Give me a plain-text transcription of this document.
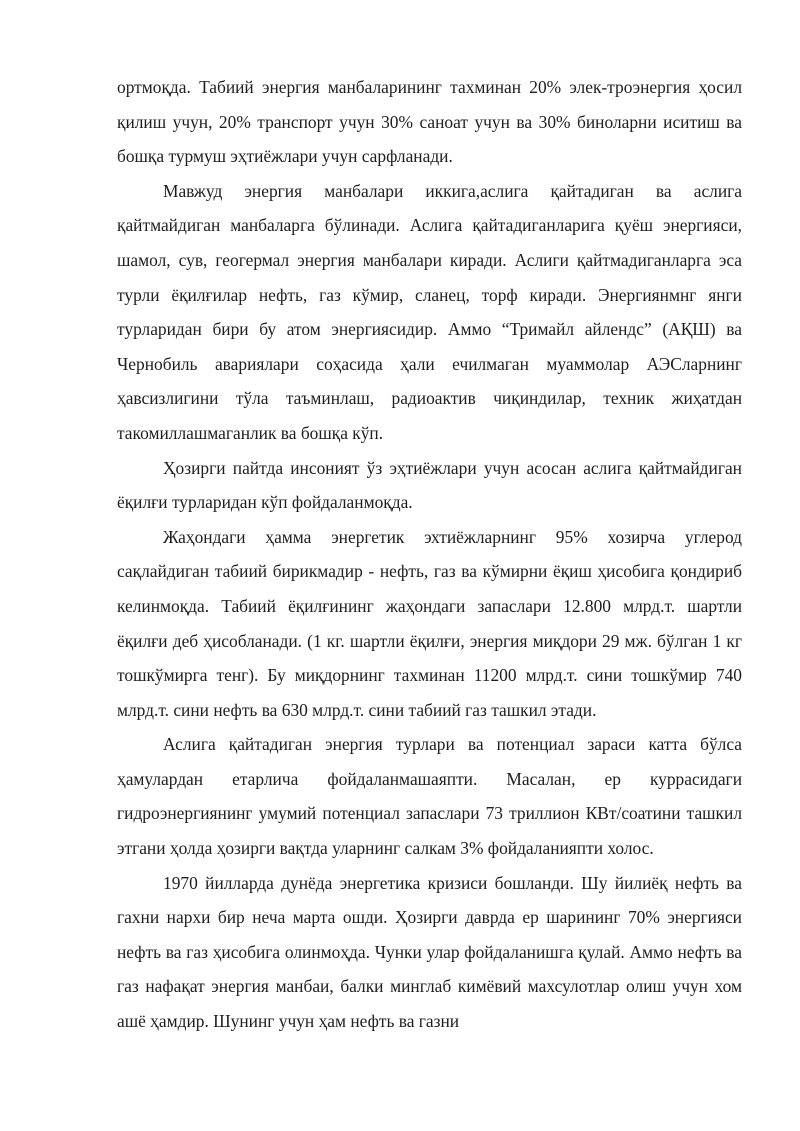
ортмоқда. Табиий энергия манбаларининг тахминан 20% элек-троэнергия ҳосил қилиш учун, 20% транспорт учун 30% саноат учун ва 30% биноларни иситиш ва бошқа турмуш эҳтиёжлари учун сарфланади.

Мавжуд энергия манбалари иккига,аслига қайтадиган ва аслига қайтмайдиган манбаларга бўлинади. Аслига қайтадиганларига қуёш энергияси, шамол, сув, геогермал энергия манбалари киради. Аслиги қайтмадиганларга эса турли ёқилғилар нефть, газ кўмир, сланец, торф киради. Энергиянмнг янги турларидан бири бу атом энергиясидир. Аммо “Тримайл айлендс” (АҚШ) ва Чернобиль авариялари соҳасида ҳали ечилмаган муаммолар АЭСларнинг ҳавсизлигини тўла таъминлаш, радиоактив чиқиндилар, техник жиҳатдан такомиллашмаганлик ва бошқа кўп.

Ҳозирги пайтда инсоният ўз эҳтиёжлари учун асосан аслига қайтмайдиган ёқилғи турларидан кўп фойдаланмоқда.

Жаҳондаги ҳамма энергетик эхтиёжларнинг 95% хозирча углерод сақлайдиган табиий бирикмадир - нефть, газ ва кўмирни ёқиш ҳисобига қондириб келинмоқда. Табиий ёқилғининг жаҳондаги запаслари 12.800 млрд.т. шартли ёқилғи деб ҳисобланади. (1 кг. шартли ёқилғи, энергия миқдори 29 мж. бўлган 1 кг тошкўмирга тенг). Бу миқдорнинг тахминан 11200 млрд.т. сини тошкўмир 740 млрд.т. сини нефть ва 630 млрд.т. сини табиий газ ташкил этади.

Аслига қайтадиган энергия турлари ва потенциал зараси катта бўлса ҳамулардан етарлича фойдаланмашаяпти. Масалан, ер куррасидаги гидроэнергиянинг умумий потенциал запаслари 73 триллион КВт/соатини ташкил этгани ҳолда ҳозирги вақтда уларнинг салкам 3% фойдаланияпти холос.

1970 йилларда дунёда энергетика кризиси бошланди. Шу йилиёқ нефть ва гахни нархи бир неча марта ошди. Ҳозирги даврда ер шарининг 70% энергияси нефть ва газ ҳисобига олинмоҳда. Чунки улар фойдаланишга қулай. Аммо нефть ва газ нафақат энергия манбаи, балки минглаб кимёвий махсулотлар олиш учун хом ашё ҳамдир. Шунинг учун ҳам нефть ва газни
